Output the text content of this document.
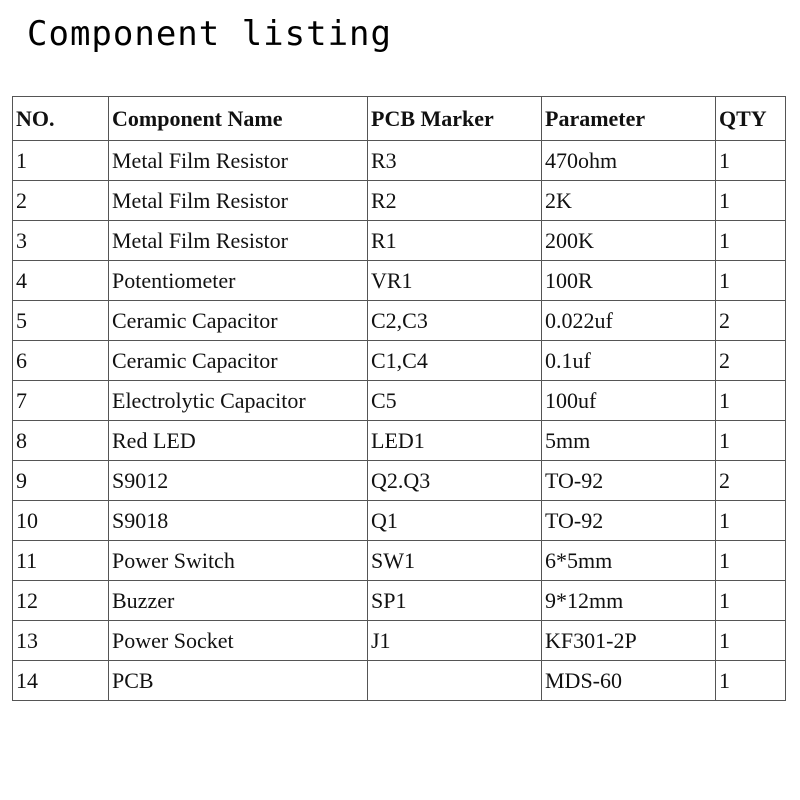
Component listing
NO.	Component Name	PCB Marker	Parameter	QTY
1	Metal Film Resistor	R3	470ohm	1
2	Metal Film Resistor	R2	2K	1
3	Metal Film Resistor	R1	200K	1
4	Potentiometer	VR1	100R	1
5	Ceramic Capacitor	C2,C3	0.022uf	2
6	Ceramic Capacitor	C1,C4	0.1uf	2
7	Electrolytic Capacitor	C5	100uf	1
8	Red LED	LED1	5mm	1
9	S9012	Q2.Q3	TO-92	2
10	S9018	Q1	TO-92	1
11	Power Switch	SW1	6*5mm	1
12	Buzzer	SP1	9*12mm	1
13	Power Socket	J1	KF301-2P	1
14	PCB		MDS-60	1
